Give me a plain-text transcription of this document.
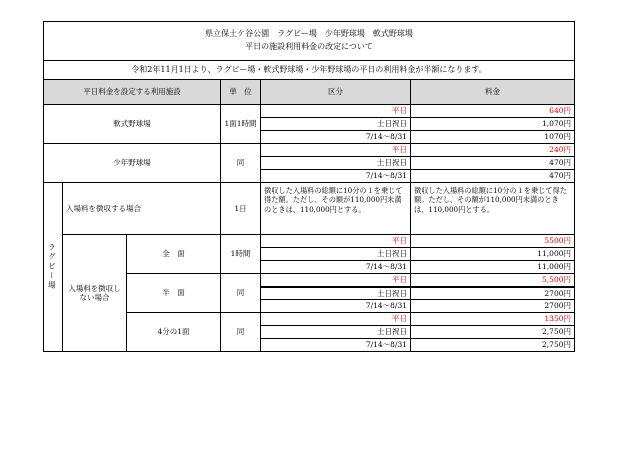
県立保土ケ谷公園　ラグビー場　少年野球場　軟式野球場
平日の施設利用料金の改定について					

令和2年11月1日より、ラグビー場・軟式野球場・少年野球場の平日の利用料金が半額になります。					
平日料金を設定する利用施設			単　位	区分	料金
軟式野球場			1面1時間	平日	640円
				土日祝日	1,070円
				7/14～8/31	1070円
少年野球場			同	平日	240円
				土日祝日	470円
				7/14～8/31	470円

ラグビー場	入場料を徴収する場合		1日	徴収した入場料の総額に10分の１を乗じて得た額。ただし、その額が110,000円未満のときは、110,000円とする。	徴収した入場料の総額に10分の１を乗じて得た額。ただし、その額が110,000円未満のときは、110,000円とする。
	入場料を徴収しない場合	全　面	1時間	平日	5500円
				土日祝日	11,000円
				7/14～8/31	11,000円
		半　面	同	平日	5,500円
				土日祝日	2700円
				7/14～8/31	2700円
		4分の1面	同	平日	1350円
				土日祝日	2,750円
				7/14～8/31	2,750円
